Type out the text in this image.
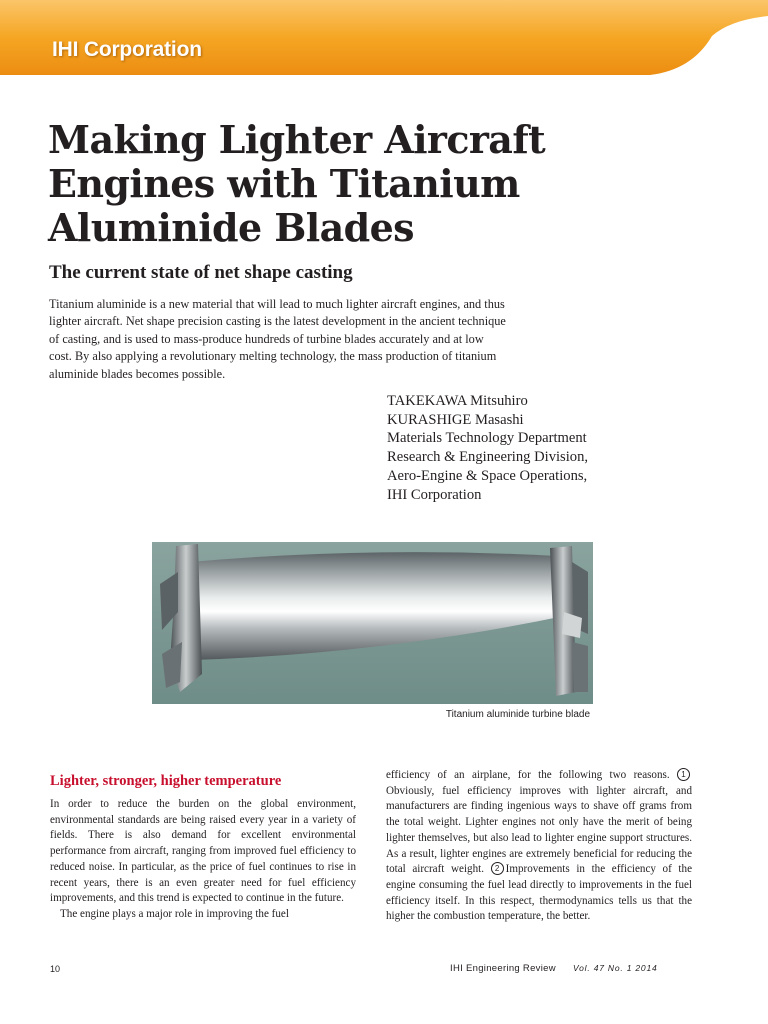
IHI Corporation
Making Lighter Aircraft Engines with Titanium Aluminide Blades
The current state of net shape casting

Titanium aluminide is a new material that will lead to much lighter aircraft engines, and thus lighter aircraft. Net shape precision casting is the latest development in the ancient technique of casting, and is used to mass-produce hundreds of turbine blades accurately and at low cost. By also applying a revolutionary melting technology, the mass production of titanium aluminide blades becomes possible.

TAKEKAWA Mitsuhiro
KURASHIGE Masashi
Materials Technology Department
Research & Engineering Division,
Aero-Engine & Space Operations,
IHI Corporation
Titanium aluminide turbine blade
Lighter, stronger, higher temperature

In order to reduce the burden on the global environment, environmental standards are being raised every year in a variety of fields. There is also demand for excellent environmental performance from aircraft, ranging from improved fuel efficiency to reduced noise. In particular, as the price of fuel continues to rise in recent years, there is an even greater need for fuel efficiency improvements, and this trend is expected to continue in the future.

The engine plays a major role in improving the fuel

efficiency of an airplane, for the following two reasons. 1Obviously, fuel efficiency improves with lighter aircraft, and manufacturers are finding ingenious ways to shave off grams from the total weight. Lighter engines not only have the merit of being lighter themselves, but also lead to lighter engine support structures. As a result, lighter engines are extremely beneficial for reducing the total aircraft weight. 2 Improvements in the efficiency of the engine consuming the fuel lead directly to improvements in the fuel efficiency itself. In this respect, thermodynamics tells us that the higher the combustion temperature, the better.

10	IHI Engineering Review Vol. 47 No. 1 2014
